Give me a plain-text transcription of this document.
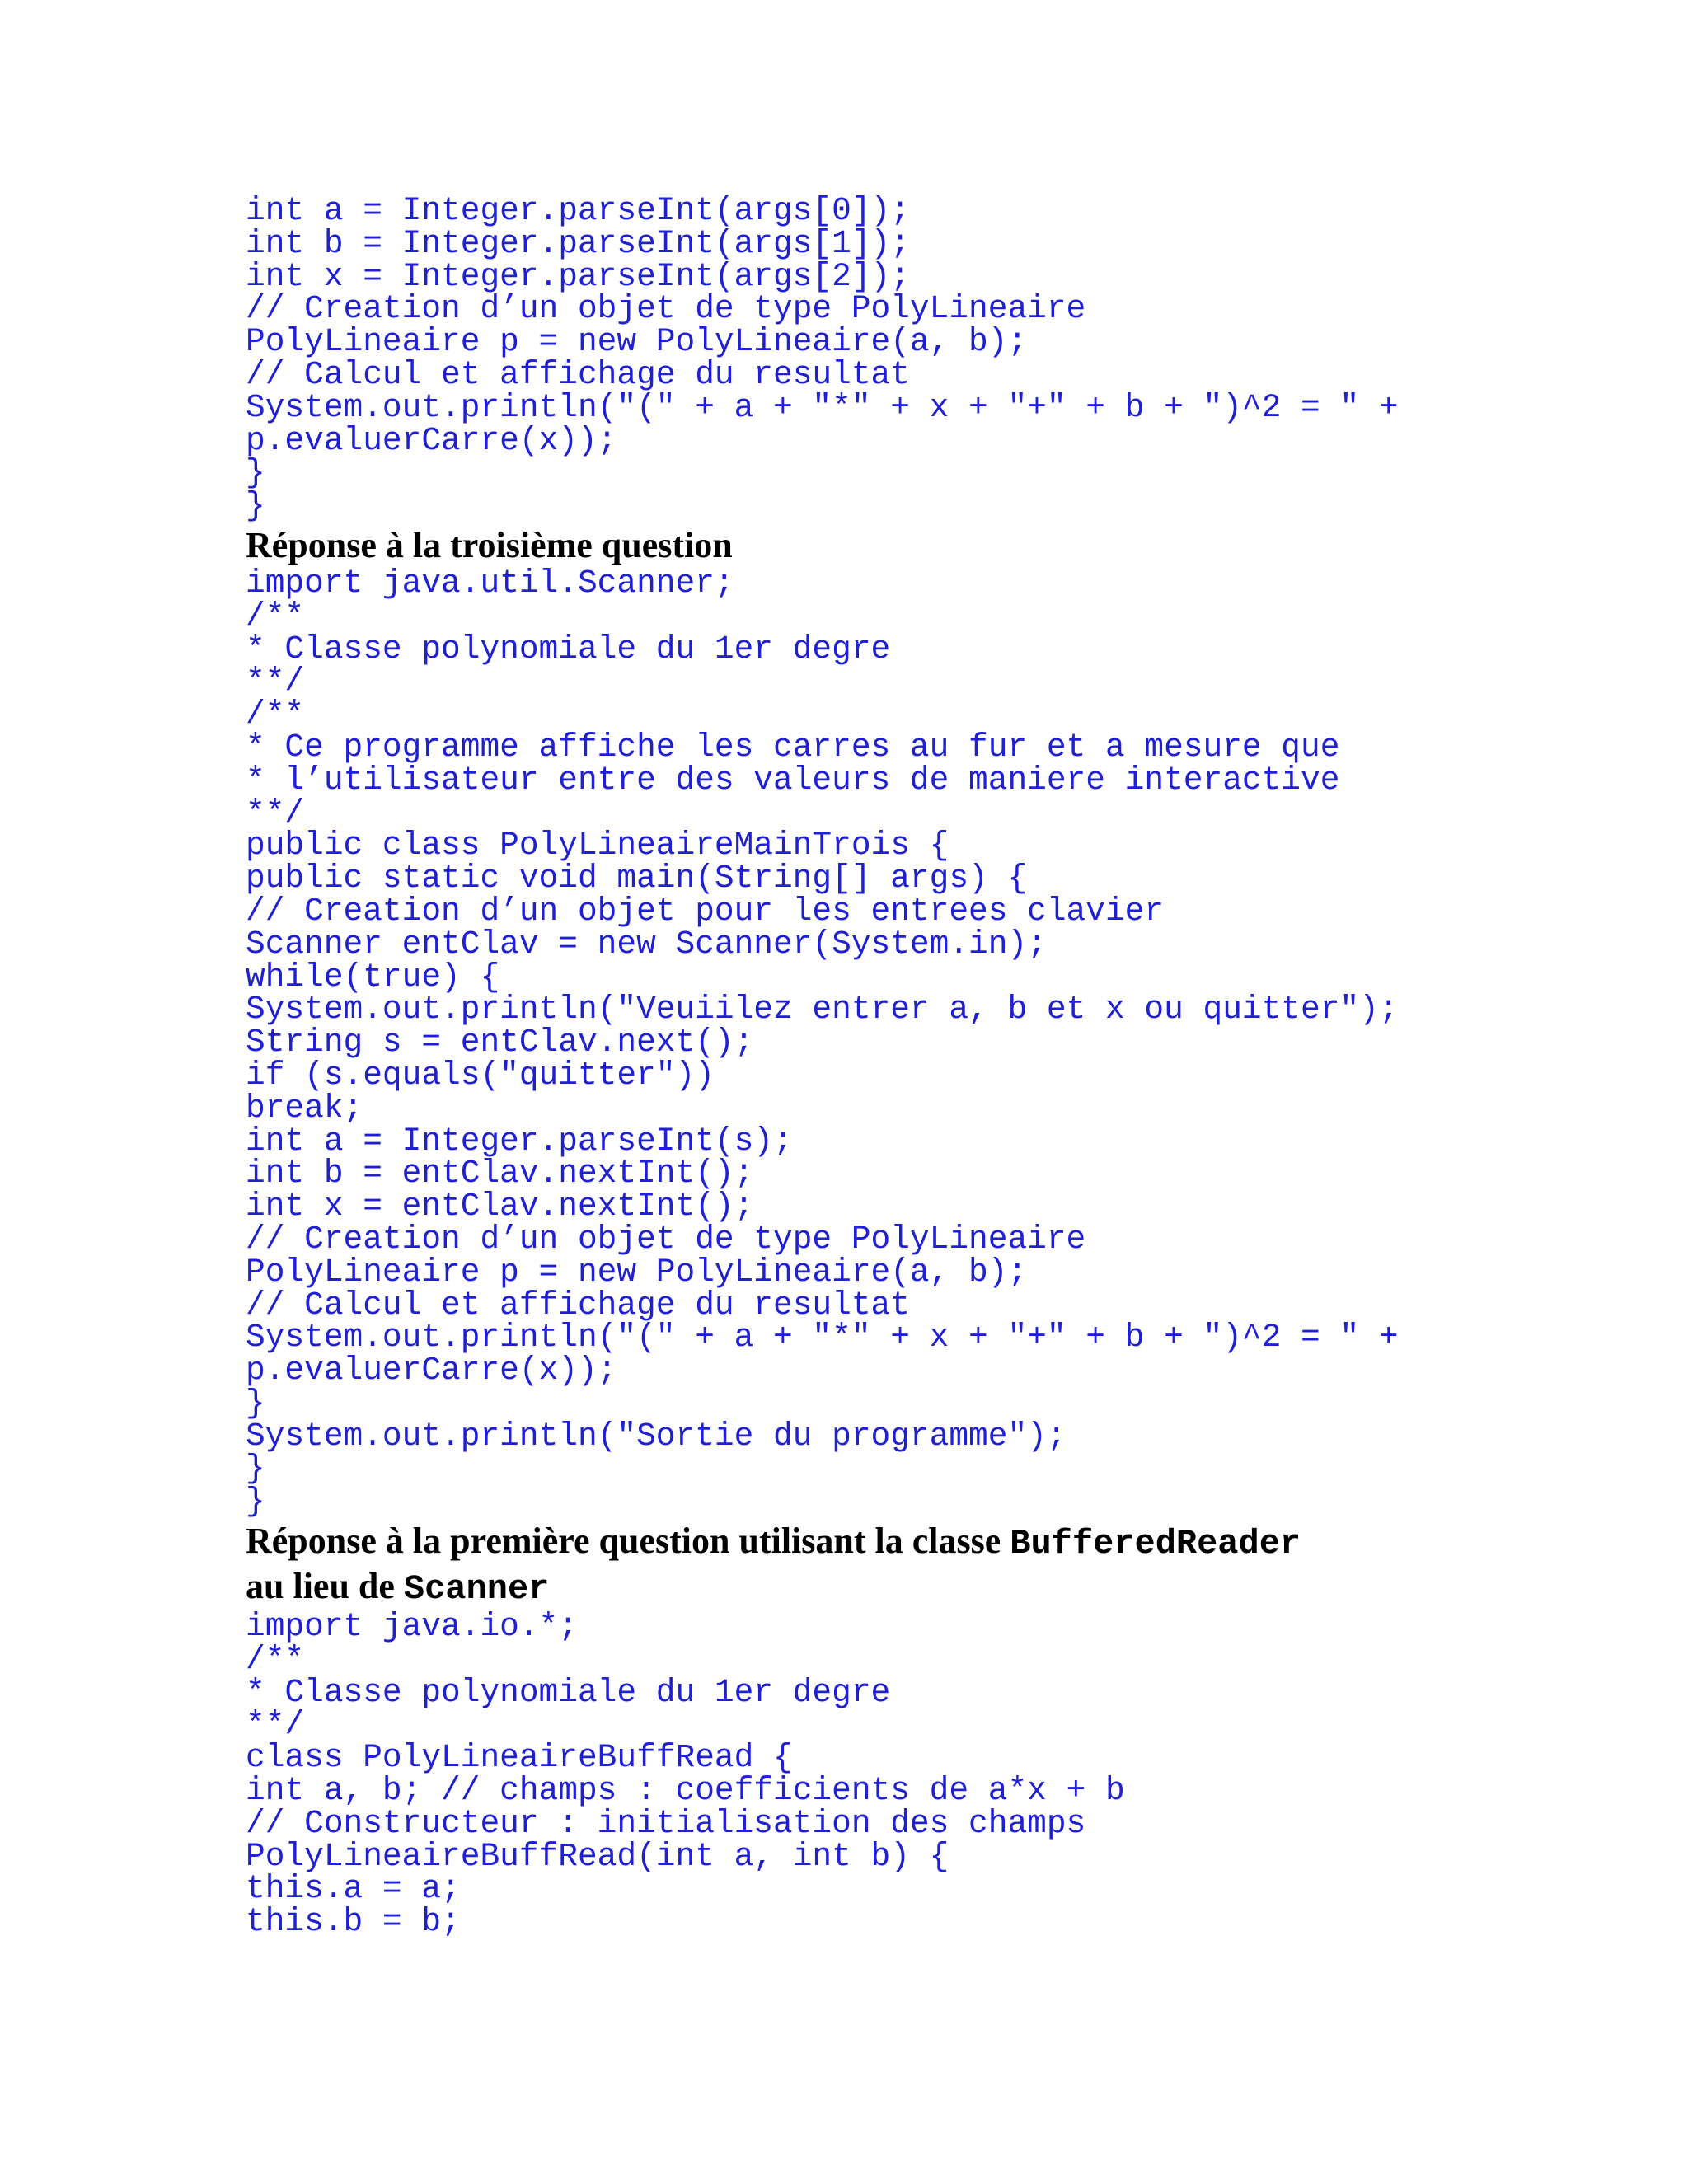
int a = Integer.parseInt(args[0]);
int b = Integer.parseInt(args[1]);
int x = Integer.parseInt(args[2]);
// Creation d’un objet de type PolyLineaire
PolyLineaire p = new PolyLineaire(a, b);
// Calcul et affichage du resultat
System.out.println("(" + a + "*" + x + "+" + b + ")^2 = " +
p.evaluerCarre(x));
}
}
Réponse à la troisième question
import java.util.Scanner;
/**
* Classe polynomiale du 1er degre
**/
/**
* Ce programme affiche les carres au fur et a mesure que
* l’utilisateur entre des valeurs de maniere interactive
**/
public class PolyLineaireMainTrois {
public static void main(String[] args) {
// Creation d’un objet pour les entrees clavier
Scanner entClav = new Scanner(System.in);
while(true) {
System.out.println("Veuiilez entrer a, b et x ou quitter");
String s = entClav.next();
if (s.equals("quitter"))
break;
int a = Integer.parseInt(s);
int b = entClav.nextInt();
int x = entClav.nextInt();
// Creation d’un objet de type PolyLineaire
PolyLineaire p = new PolyLineaire(a, b);
// Calcul et affichage du resultat
System.out.println("(" + a + "*" + x + "+" + b + ")^2 = " +
p.evaluerCarre(x));
}
System.out.println("Sortie du programme");
}
}
Réponse à la première question utilisant la classe BufferedReader
au lieu de Scanner
import java.io.*;
/**
* Classe polynomiale du 1er degre
**/
class PolyLineaireBuffRead {
int a, b; // champs : coefficients de a*x + b
// Constructeur : initialisation des champs
PolyLineaireBuffRead(int a, int b) {
this.a = a;
this.b = b;
